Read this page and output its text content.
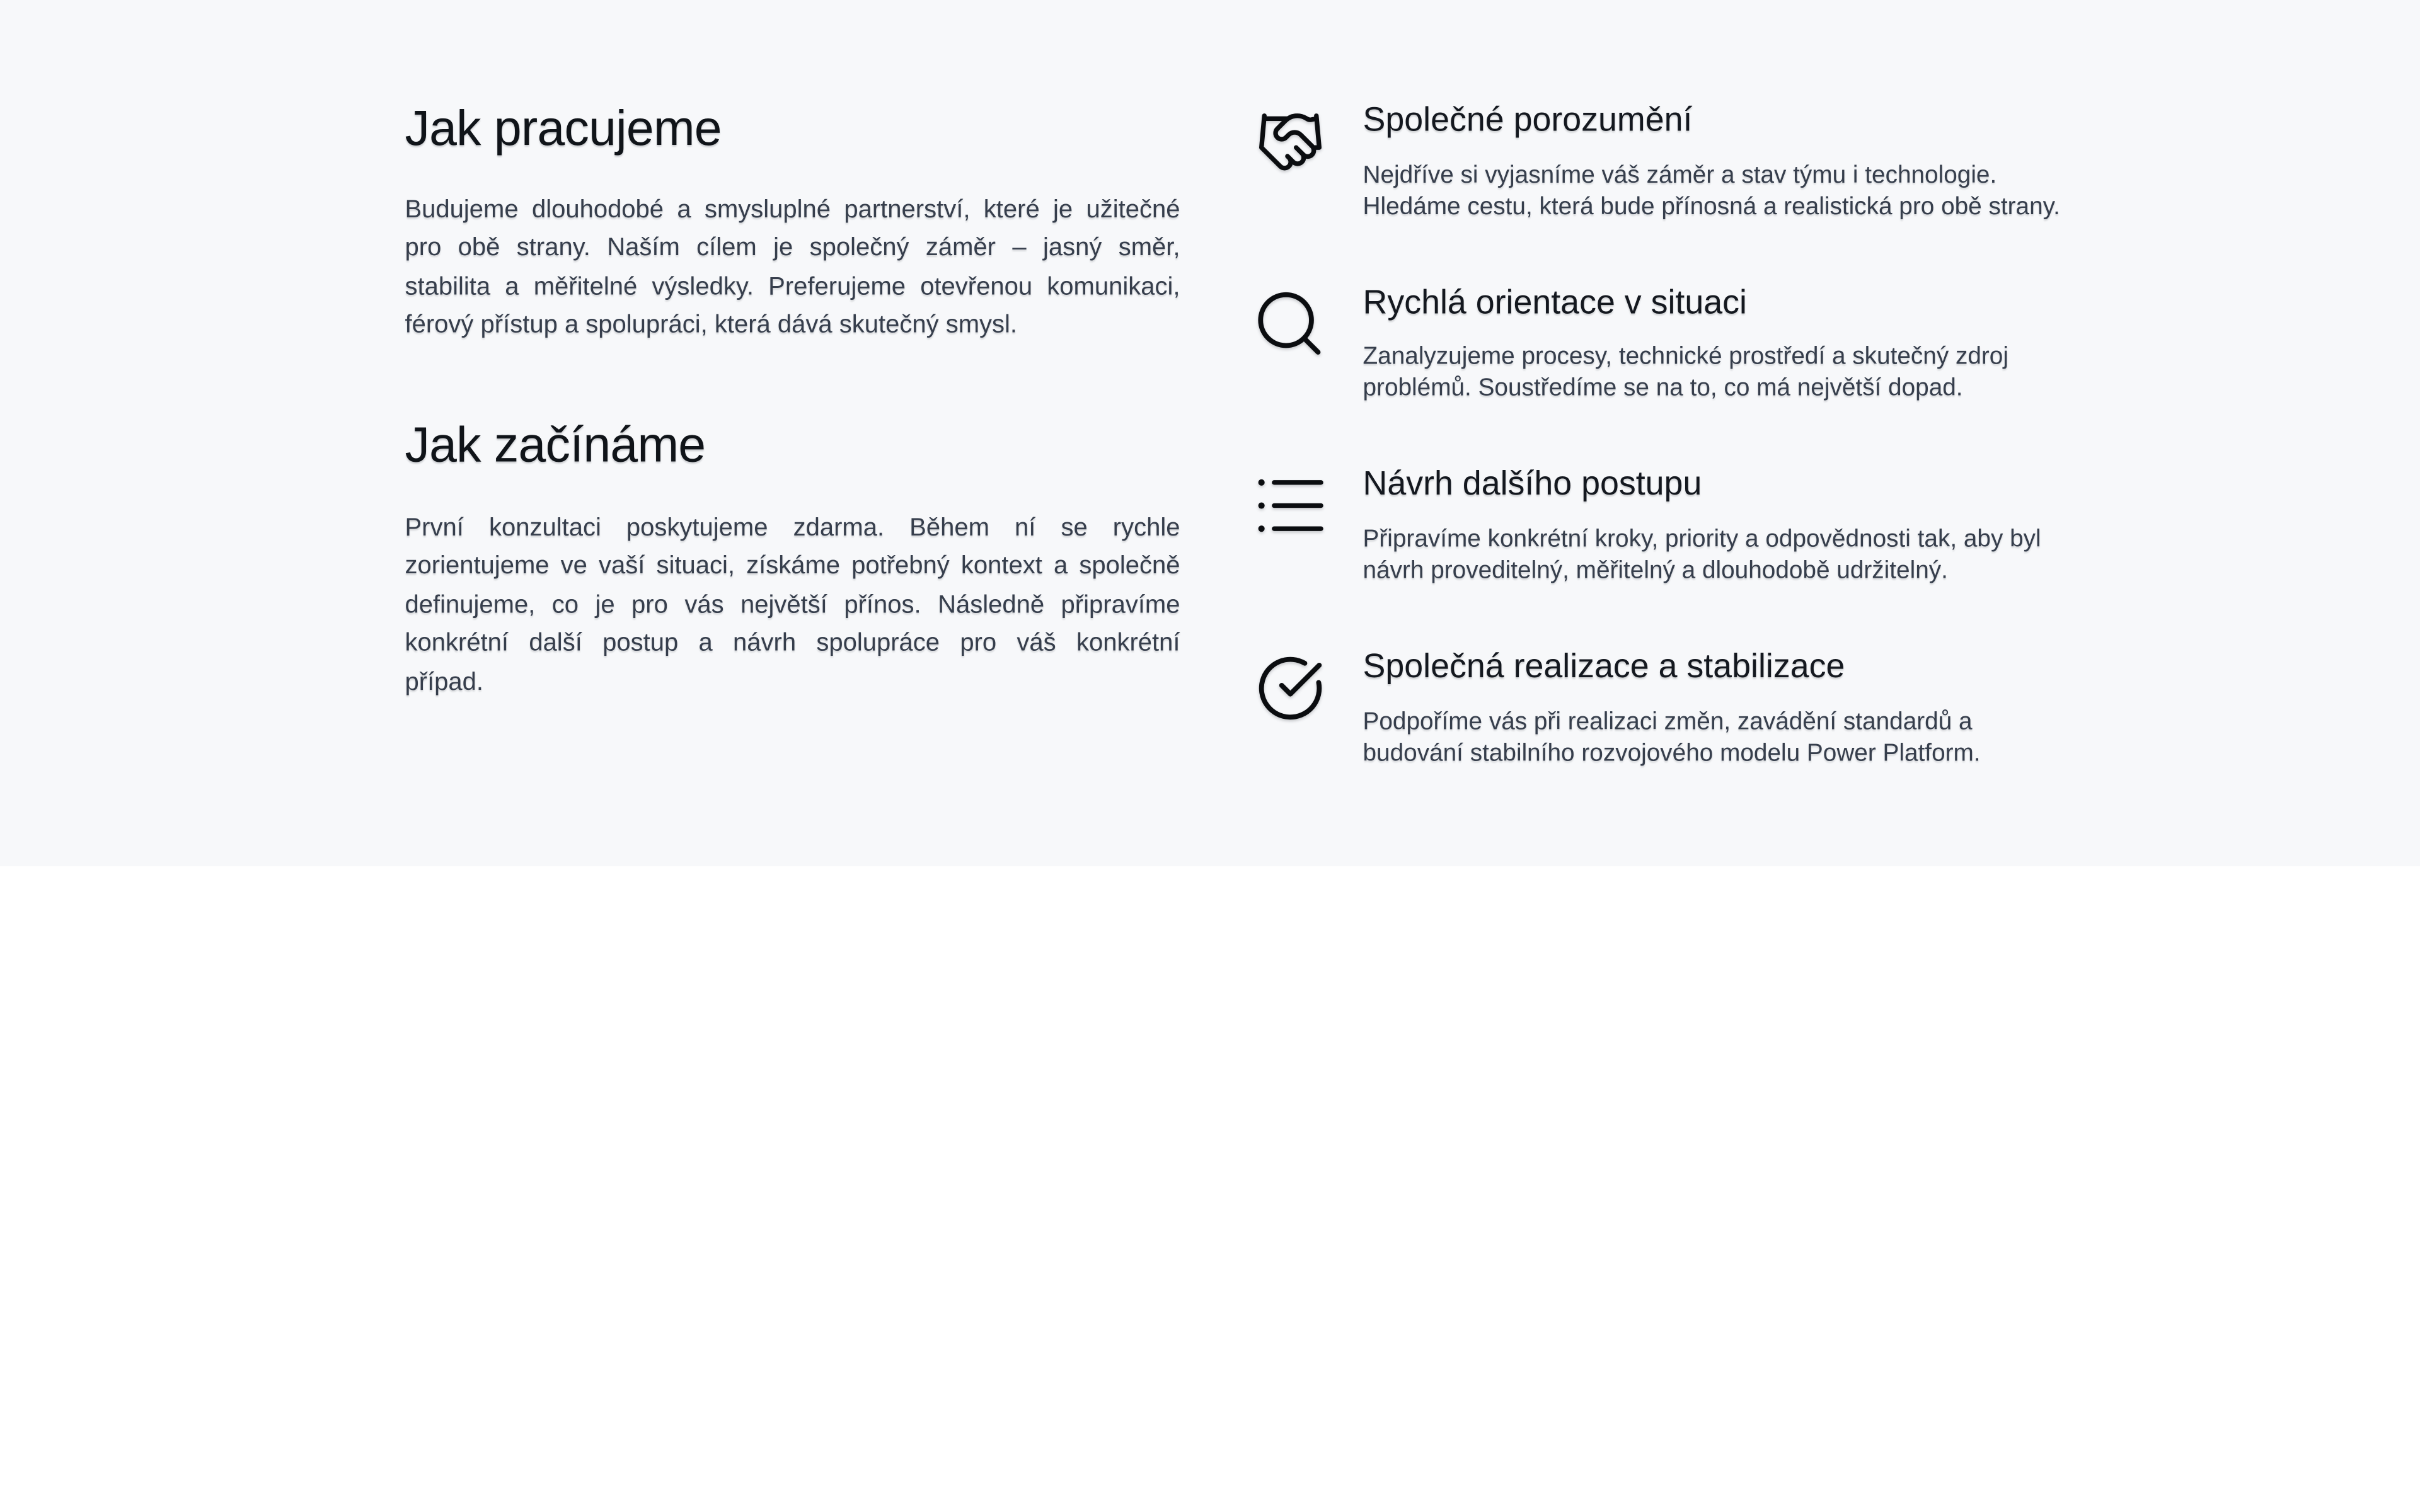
Jak pracujeme
Budujeme dlouhodobé a smysluplné partnerství, které je užitečné
pro obě strany. Naším cílem je společný záměr – jasný směr,
stabilita a měřitelné výsledky. Preferujeme otevřenou komunikaci,
férový přístup a spolupráci, která dává skutečný smysl.
Jak začínáme
První konzultaci poskytujeme zdarma. Během ní se rychle
zorientujeme ve vaší situaci, získáme potřebný kontext a společně
definujeme, co je pro vás největší přínos. Následně připravíme
konkrétní další postup a návrh spolupráce pro váš konkrétní
případ.
Společné porozumění
Nejdříve si vyjasníme váš záměr a stav týmu i technologie.
Hledáme cestu, která bude přínosná a realistická pro obě strany.
Rychlá orientace v situaci
Zanalyzujeme procesy, technické prostředí a skutečný zdroj
problémů. Soustředíme se na to, co má největší dopad.
Návrh dalšího postupu
Připravíme konkrétní kroky, priority a odpovědnosti tak, aby byl
návrh proveditelný, měřitelný a dlouhodobě udržitelný.
Společná realizace a stabilizace
Podpoříme vás při realizaci změn, zavádění standardů a
budování stabilního rozvojového modelu Power Platform.
